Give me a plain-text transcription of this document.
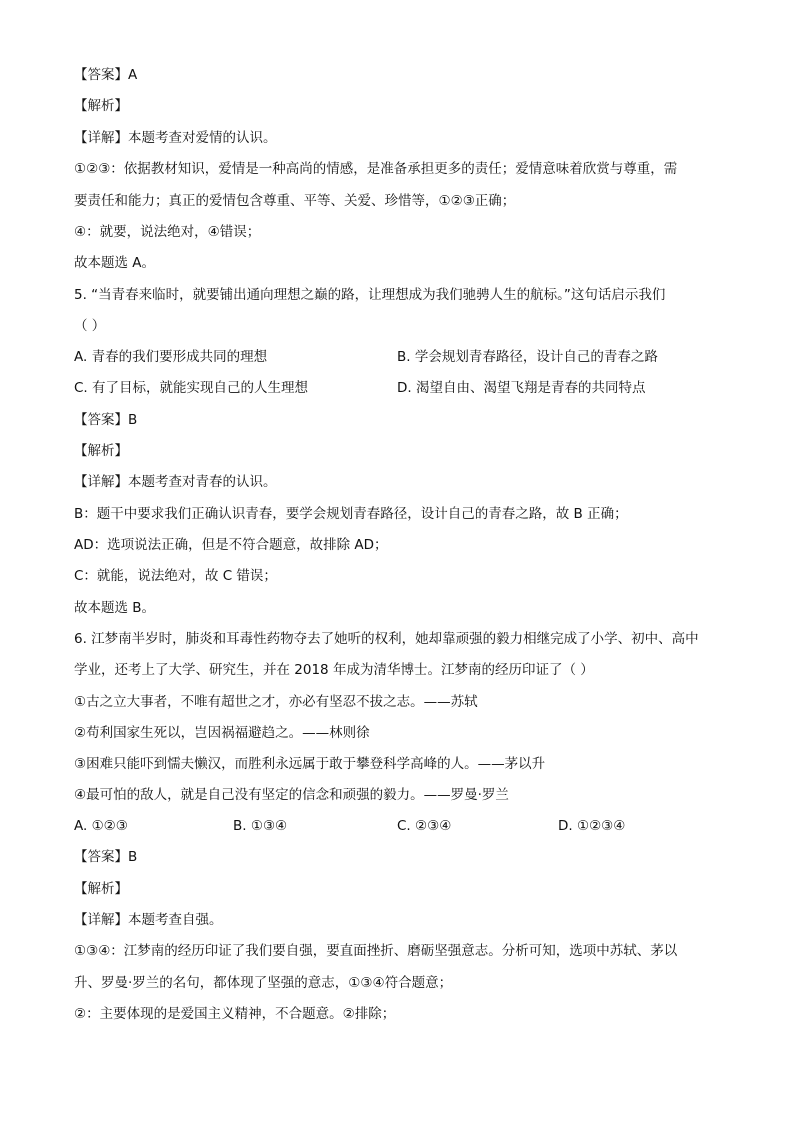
【答案】A
【解析】
【详解】本题考查对爱情的认识。
①②③：依据教材知识，爱情是一种高尚的情感，是准备承担更多的责任；爱情意味着欣赏与尊重，需
要责任和能力；真正的爱情包含尊重、平等、关爱、珍惜等，①②③正确；
④：就要，说法绝对，④错误；
故本题选 A。
5. “当青春来临时，就要铺出通向理想之巅的路，让理想成为我们驰骋人生的航标。”这句话启示我们
（ ）
A. 青春的我们要形成共同的理想	B. 学会规划青春路径，设计自己的青春之路
C. 有了目标，就能实现自己的人生理想	D. 渴望自由、渴望飞翔是青春的共同特点
【答案】B
【解析】
【详解】本题考查对青春的认识。
B：题干中要求我们正确认识青春，要学会规划青春路径，设计自己的青春之路，故 B 正确；
AD：选项说法正确，但是不符合题意，故排除 AD；
C：就能，说法绝对，故 C 错误；
故本题选 B。
6. 江梦南半岁时，肺炎和耳毒性药物夺去了她听的权利，她却靠顽强的毅力相继完成了小学、初中、高中
学业，还考上了大学、研究生，并在 2018 年成为清华博士。江梦南的经历印证了（ ）
①古之立大事者，不唯有超世之才，亦必有坚忍不拔之志。——苏轼
②苟利国家生死以，岂因祸福避趋之。——林则徐
③困难只能吓到懦夫懒汉，而胜利永远属于敢于攀登科学高峰的人。——茅以升
④最可怕的敌人，就是自己没有坚定的信念和顽强的毅力。——罗曼·罗兰
A. ①②③	B. ①③④	C. ②③④	D. ①②③④
【答案】B
【解析】
【详解】本题考查自强。
①③④：江梦南的经历印证了我们要自强，要直面挫折、磨砺坚强意志。分析可知，选项中苏轼、茅以
升、罗曼·罗兰的名句，都体现了坚强的意志，①③④符合题意；
②：主要体现的是爱国主义精神，不合题意。②排除；
